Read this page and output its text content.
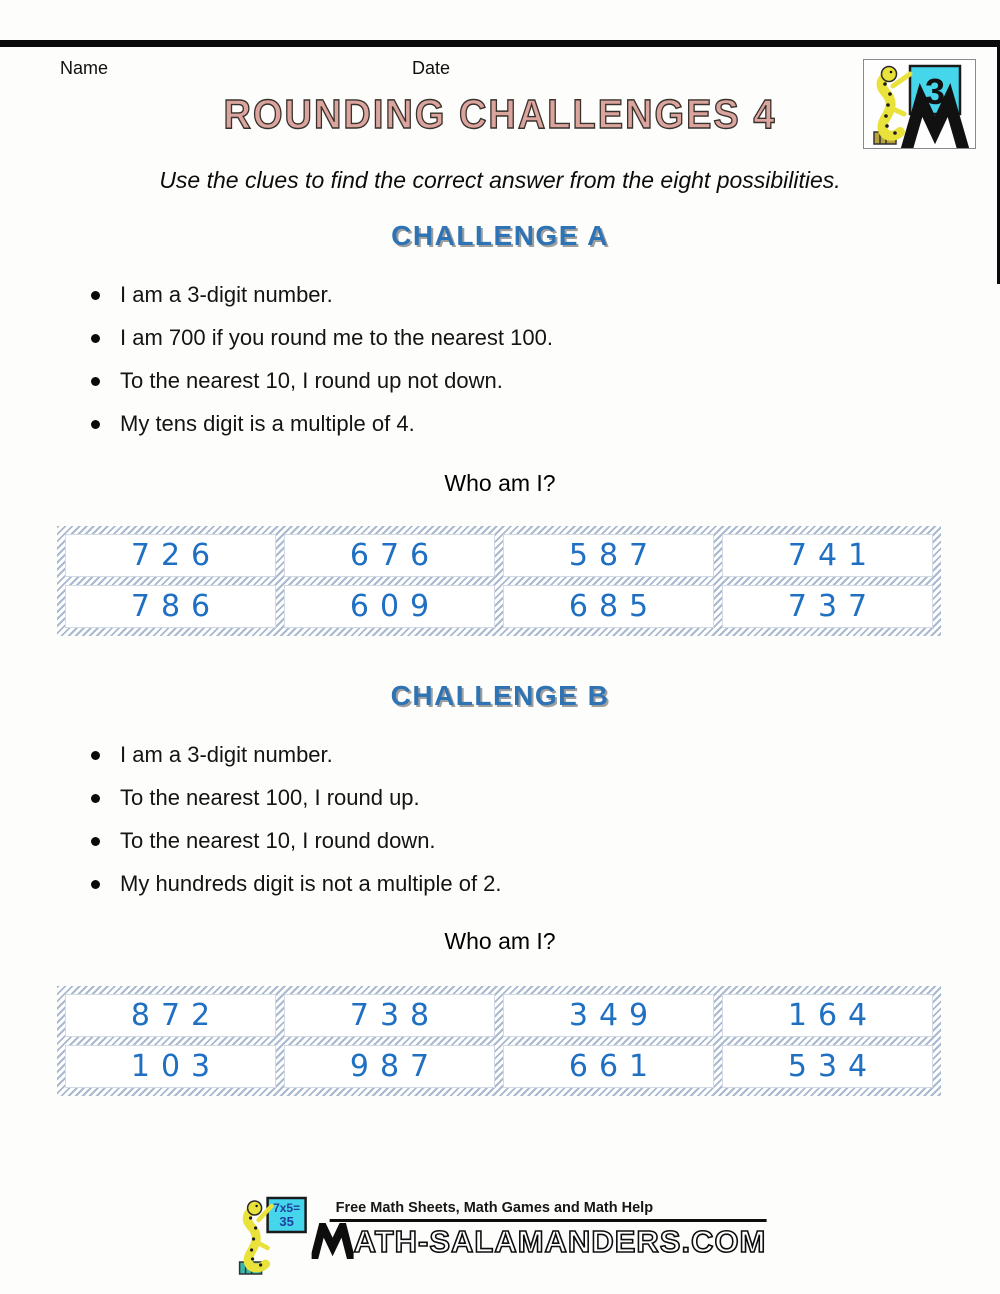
Name	Date
3
ROUNDING CHALLENGES 4
Use the clues to find the correct answer from the eight possibilities.
CHALLENGE A
I am a 3-digit number.
I am 700 if you round me to the nearest 100.
To the nearest 10, I round up not down.
My tens digit is a multiple of 4.
Who am I?
726	676	587	741
786	609	685	737
CHALLENGE B
I am a 3-digit number.
To the nearest 100, I round up.
To the nearest 10, I round down.
My hundreds digit is not a multiple of 2.
Who am I?
872	738	349	164
103	987	661	534
7x5=
35
Free Math Sheets, Math Games and Math Help
ATH-SALAMANDERS.COM
